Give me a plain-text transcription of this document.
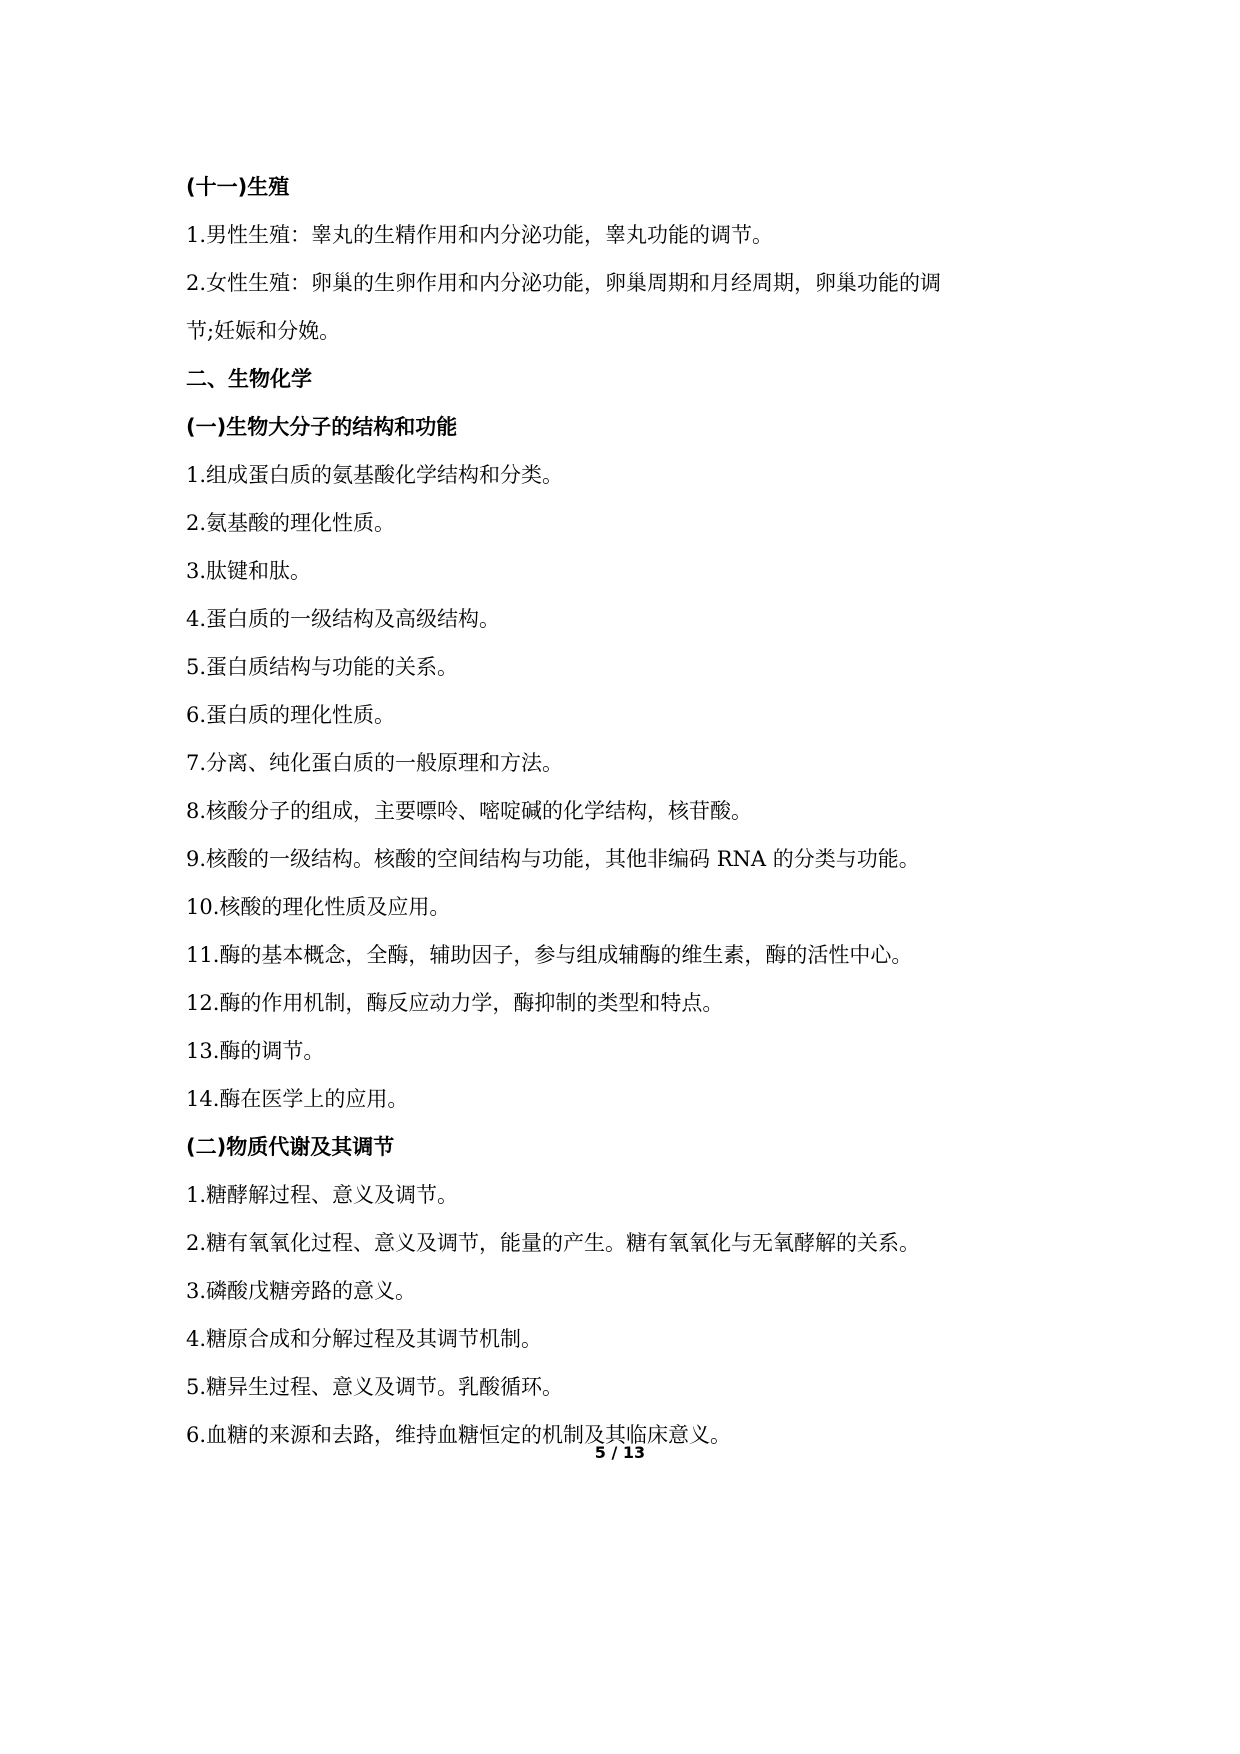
(十一)生殖
1.男性生殖：睾丸的生精作用和内分泌功能，睾丸功能的调节。
2.女性生殖：卵巢的生卵作用和内分泌功能，卵巢周期和月经周期，卵巢功能的调
节;妊娠和分娩。
二、生物化学
(一)生物大分子的结构和功能
1.组成蛋白质的氨基酸化学结构和分类。
2.氨基酸的理化性质。
3.肽键和肽。
4.蛋白质的一级结构及高级结构。
5.蛋白质结构与功能的关系。
6.蛋白质的理化性质。
7.分离、纯化蛋白质的一般原理和方法。
8.核酸分子的组成，主要嘌呤、嘧啶碱的化学结构，核苷酸。
9.核酸的一级结构。核酸的空间结构与功能，其他非编码 RNA 的分类与功能。
10.核酸的理化性质及应用。
11.酶的基本概念，全酶，辅助因子，参与组成辅酶的维生素，酶的活性中心。
12.酶的作用机制，酶反应动力学，酶抑制的类型和特点。
13.酶的调节。
14.酶在医学上的应用。
(二)物质代谢及其调节
1.糖酵解过程、意义及调节。
2.糖有氧氧化过程、意义及调节，能量的产生。糖有氧氧化与无氧酵解的关系。
3.磷酸戊糖旁路的意义。
4.糖原合成和分解过程及其调节机制。
5.糖异生过程、意义及调节。乳酸循环。
6.血糖的来源和去路，维持血糖恒定的机制及其临床意义。
5 / 13
